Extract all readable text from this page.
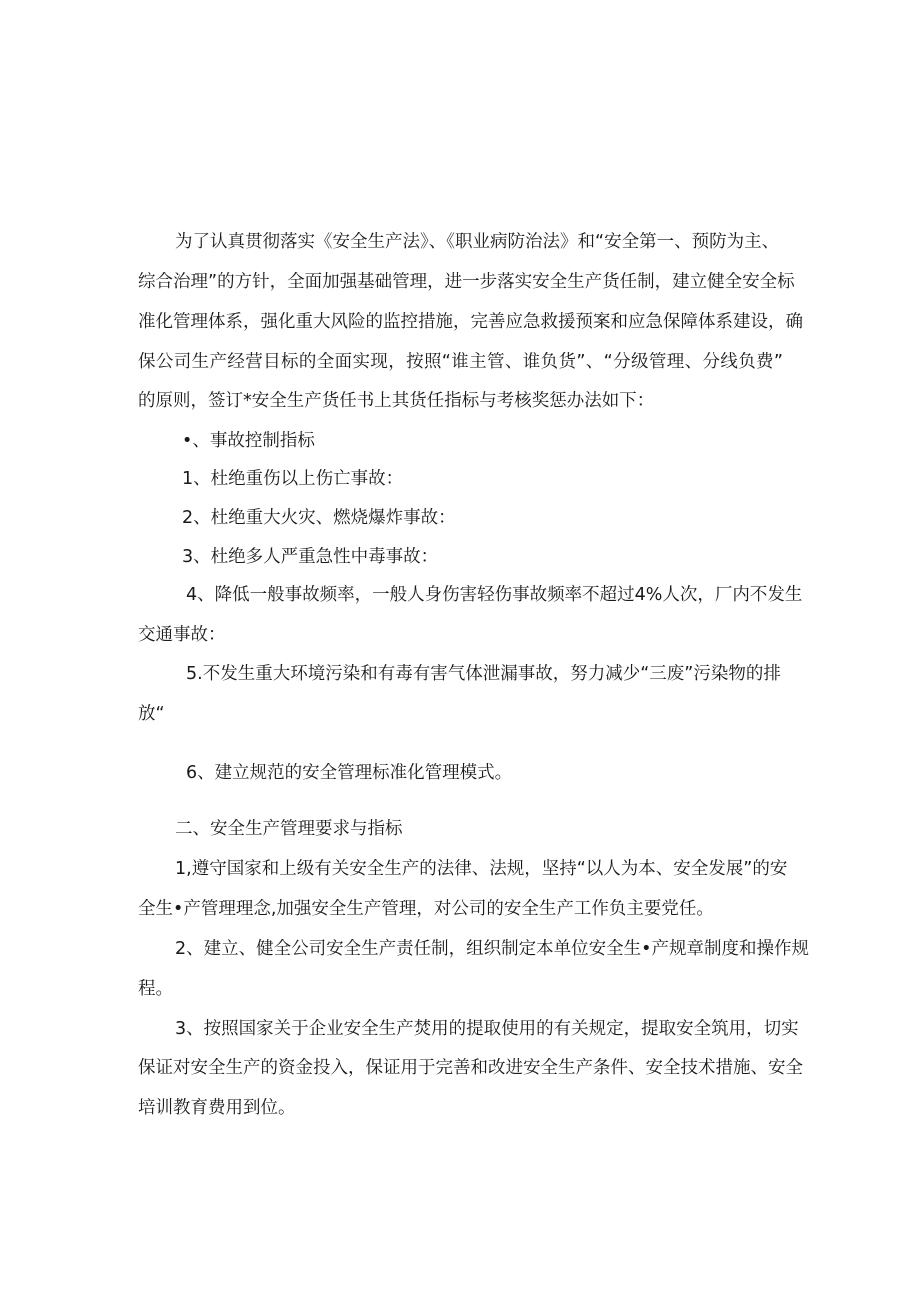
为了认真贯彻落实《安全生产法》、《职业病防治法》和“安全第一、预防为主、

综合治理”的方针，全面加强基础管理，进一步落实安全生产货任制，建立健全安全标

准化管理体系，强化重大风险的监控措施，完善应急救援预案和应急保障体系建设，确

保公司生产经营目标的全面实现，按照“谁主管、谁负货”、“分级管理、分线负费”

的原则，签订*安全生产货任书上其货任指标与考核奖惩办法如下：

•、事故控制指标

1、杜绝重伤以上伤亡事故：

2、杜绝重大火灾、燃烧爆炸事故：

3、杜绝多人严重急性中毒事故：

4、降低一般事故频率，一般人身伤害轻伤事故频率不超过4%人次，厂内不发生

交通事故：

5.不发生重大环境污染和有毒有害气体泄漏事故，努力减少“三废”污染物的排

放“

6、建立规范的安全管理标准化管理模式。

二、安全生产管理要求与指标

1,遵守国家和上级有关安全生产的法律、法规，坚持“以人为本、安全发展”的安

全生•产管理理念,加强安全生产管理，对公司的安全生产工作负主要党任。

2、建立、健全公司安全生产责任制，组织制定本单位安全生•产规章制度和操作规

程。

3、按照国家关于企业安全生产焚用的提取使用的有关规定，提取安全筑用，切实

保证对安全生产的资金投入，保证用于完善和改进安全生产条件、安全技术措施、安全

培训教育费用到位。
